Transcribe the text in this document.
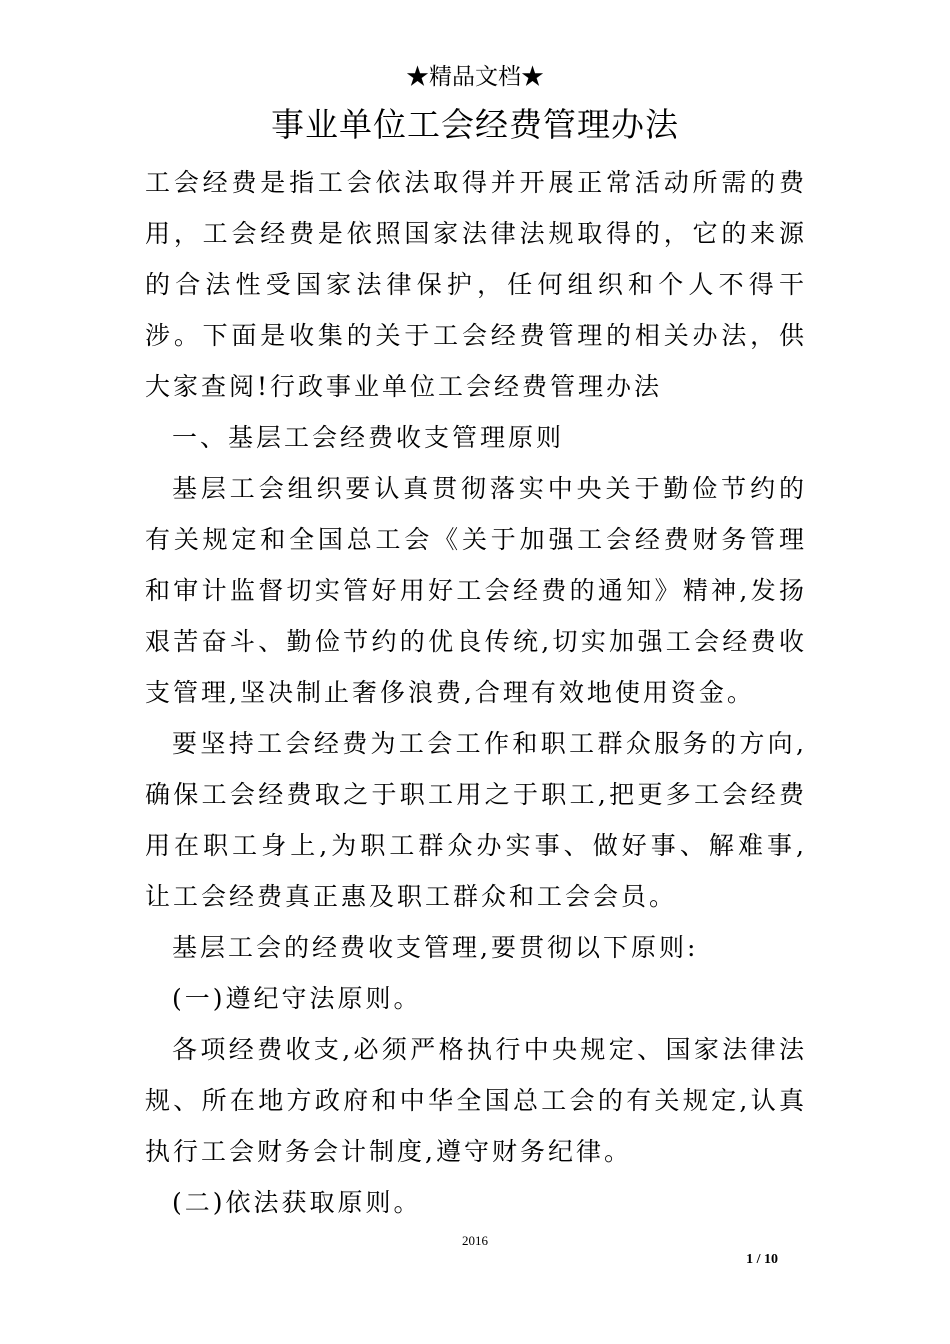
★精品文档★
事业单位工会经费管理办法

工会经费是指工会依法取得并开展正常活动所需的费用，工会经费是依照国家法律法规取得的，它的来源的合法性受国家法律保护，任何组织和个人不得干涉。下面是收集的关于工会经费管理的相关办法，供大家查阅!行政事业单位工会经费管理办法

一、基层工会经费收支管理原则

基层工会组织要认真贯彻落实中央关于勤俭节约的有关规定和全国总工会《关于加强工会经费财务管理和审计监督切实管好用好工会经费的通知》精神,发扬艰苦奋斗、勤俭节约的优良传统,切实加强工会经费收支管理,坚决制止奢侈浪费,合理有效地使用资金。

要坚持工会经费为工会工作和职工群众服务的方向,确保工会经费取之于职工用之于职工,把更多工会经费用在职工身上,为职工群众办实事、做好事、解难事,让工会经费真正惠及职工群众和工会会员。

基层工会的经费收支管理,要贯彻以下原则:

(一)遵纪守法原则。

各项经费收支,必须严格执行中央规定、国家法律法规、所在地方政府和中华全国总工会的有关规定,认真执行工会财务会计制度,遵守财务纪律。

(二)依法获取原则。

2016
1 / 10
